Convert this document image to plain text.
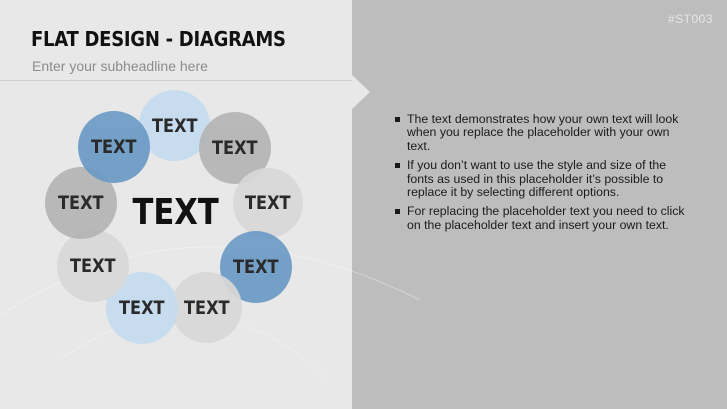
FLAT DESIGN - DIAGRAMS
Enter your subheadline here
#ST003
TEXT
TEXT
TEXT
TEXT
TEXT
TEXT
TEXT
TEXT
TEXT
TEXT
The text demonstrates how your own text will look when you replace the placeholder with your own text.
If you don’t want to use the style and size of the fonts as used in this placeholder it’s possible to replace it by selecting different options.
For replacing the placeholder text you need to click on the placeholder text and insert your own text.
